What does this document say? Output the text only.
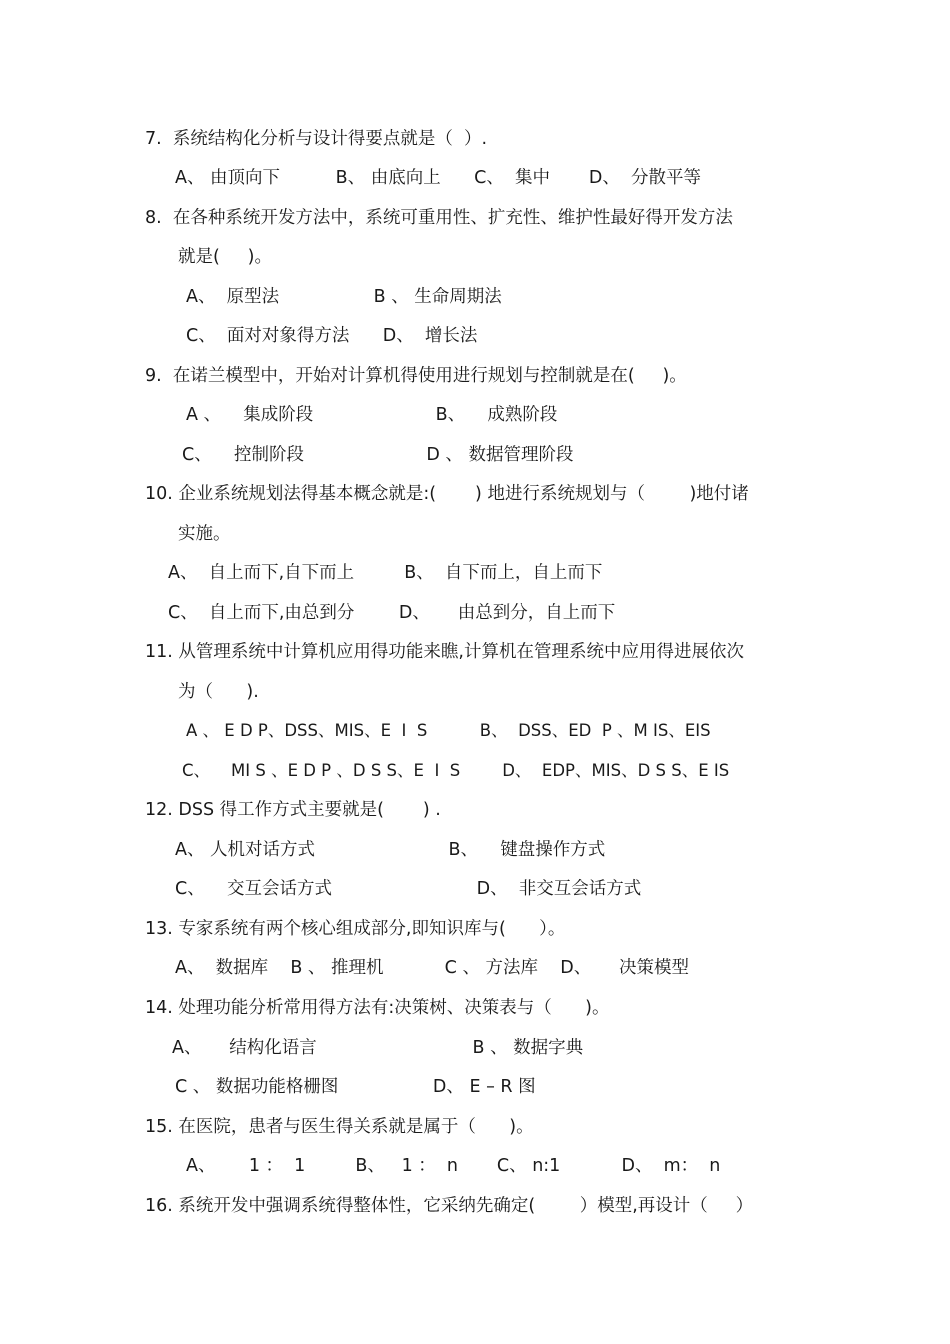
7.  系统结构化分析与设计得要点就是（  ）.
A、 由顶向下          B、 由底向上      C、  集中       D、  分散平等
8.  在各种系统开发方法中，系统可重用性、扩充性、维护性最好得开发方法
就是(     )。
A、  原型法                 B 、 生命周期法
C、  面对对象得方法      D、  增长法
9.  在诺兰模型中，开始对计算机得使用进行规划与控制就是在(     )。
A 、    集成阶段                      B、    成熟阶段
C、    控制阶段                      D 、 数据管理阶段
10. 企业系统规划法得基本概念就是:(       ) 地进行系统规划与（        )地付诸
实施。
A、  自上而下,自下而上         B、  自下而上，自上而下
C、  自上而下,由总到分        D、     由总到分，自上而下
11. 从管理系统中计算机应用得功能来瞧,计算机在管理系统中应用得进展依次
为（      ).
A 、 E D P、DSS、MIS、E  I  S          B、  DSS、ED  P 、M IS、EIS
C、    MI S 、E D P 、D S S、E  I  S        D、  EDP、MIS、D S S、E IS
12. DSS 得工作方式主要就是(       ) .
A、 人机对话方式                        B、    键盘操作方式
C、    交互会话方式                          D、  非交互会话方式
13. 专家系统有两个核心组成部分,即知识库与(      ）。
A、  数据库    B 、 推理机           C 、 方法库    D、     决策模型
14. 处理功能分析常用得方法有:决策树、决策表与（      )。
A、     结构化语言                            B 、 数据字典
C 、 数据功能格栅图                 D、 E – R 图
15. 在医院，患者与医生得关系就是属于（      )。
A、      1 ：  1         B、   1 ：  n       C、 n:1           D、  m：  n
16. 系统开发中强调系统得整体性，它采纳先确定(        ）模型,再设计（     ）
